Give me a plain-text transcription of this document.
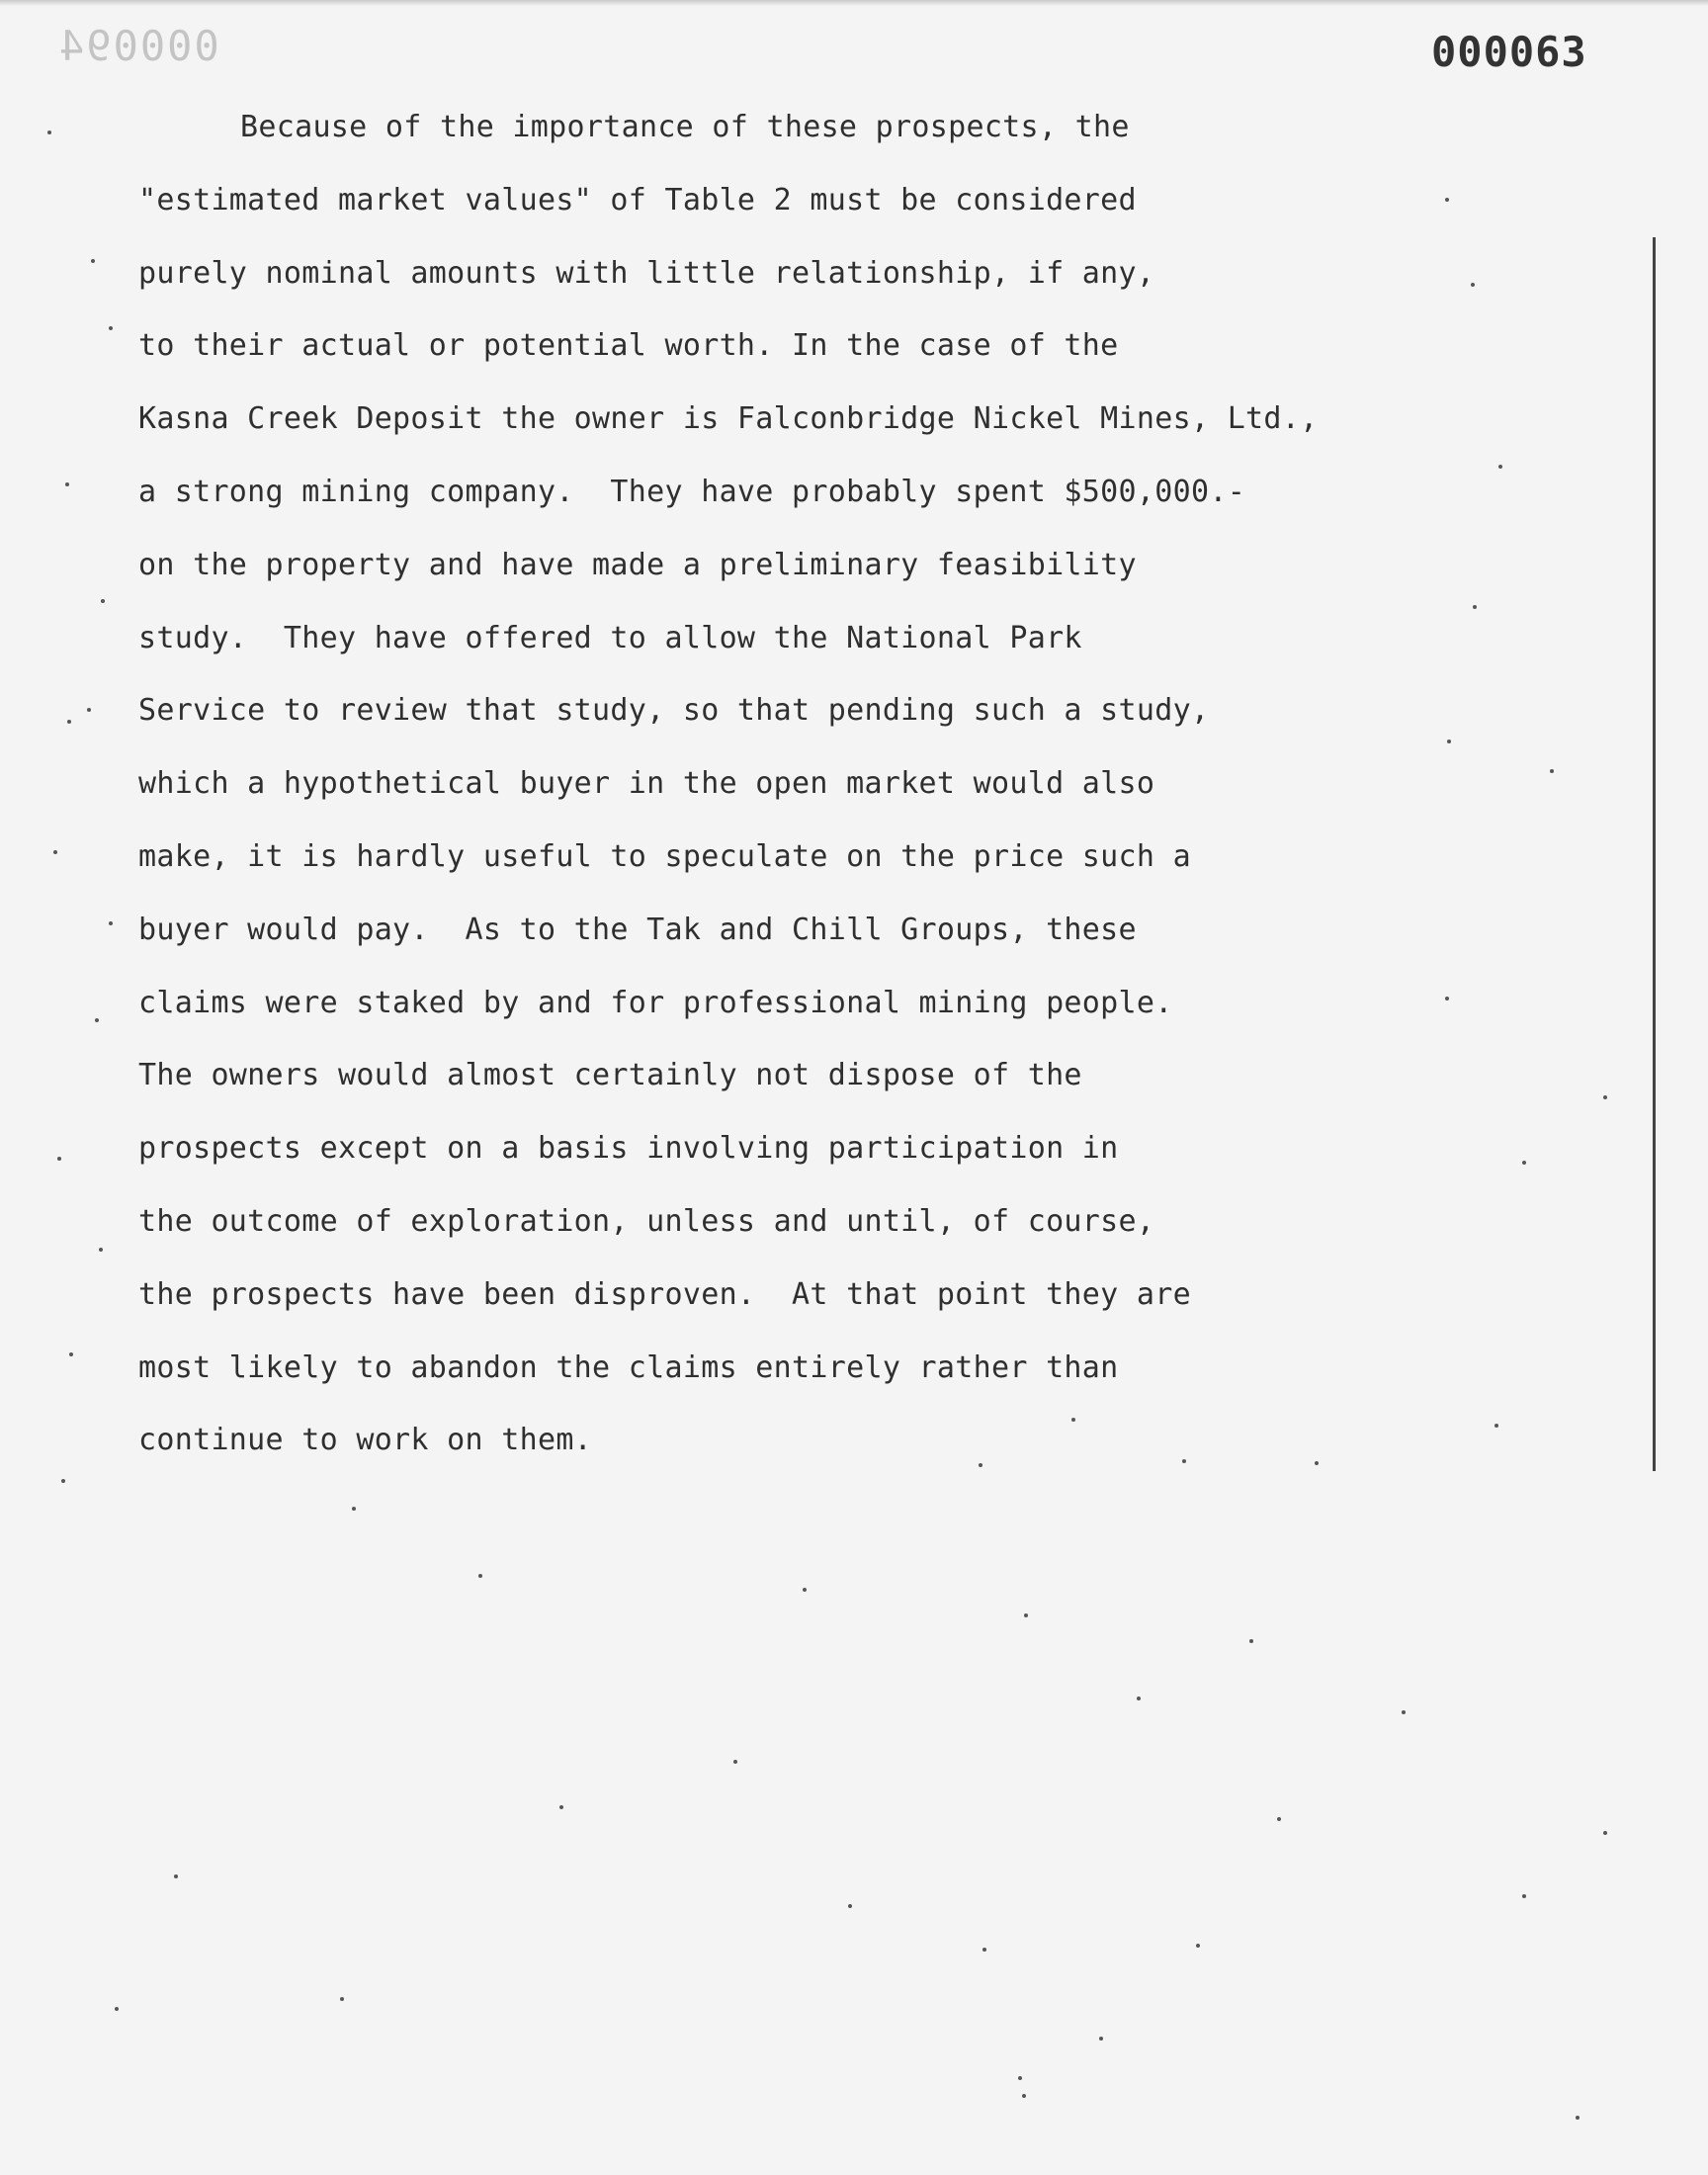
000094	000063
Because of the importance of these prospects, the
"estimated market values" of Table 2 must be considered
purely nominal amounts with little relationship, if any,
to their actual or potential worth. In the case of the
Kasna Creek Deposit the owner is Falconbridge Nickel Mines, Ltd.,
a strong mining company.  They have probably spent $500,000.-
on the property and have made a preliminary feasibility
study.  They have offered to allow the National Park
Service to review that study, so that pending such a study,
which a hypothetical buyer in the open market would also
make, it is hardly useful to speculate on the price such a
buyer would pay.  As to the Tak and Chill Groups, these
claims were staked by and for professional mining people.
The owners would almost certainly not dispose of the
prospects except on a basis involving participation in
the outcome of exploration, unless and until, of course,
the prospects have been disproven.  At that point they are
most likely to abandon the claims entirely rather than
continue to work on them.
